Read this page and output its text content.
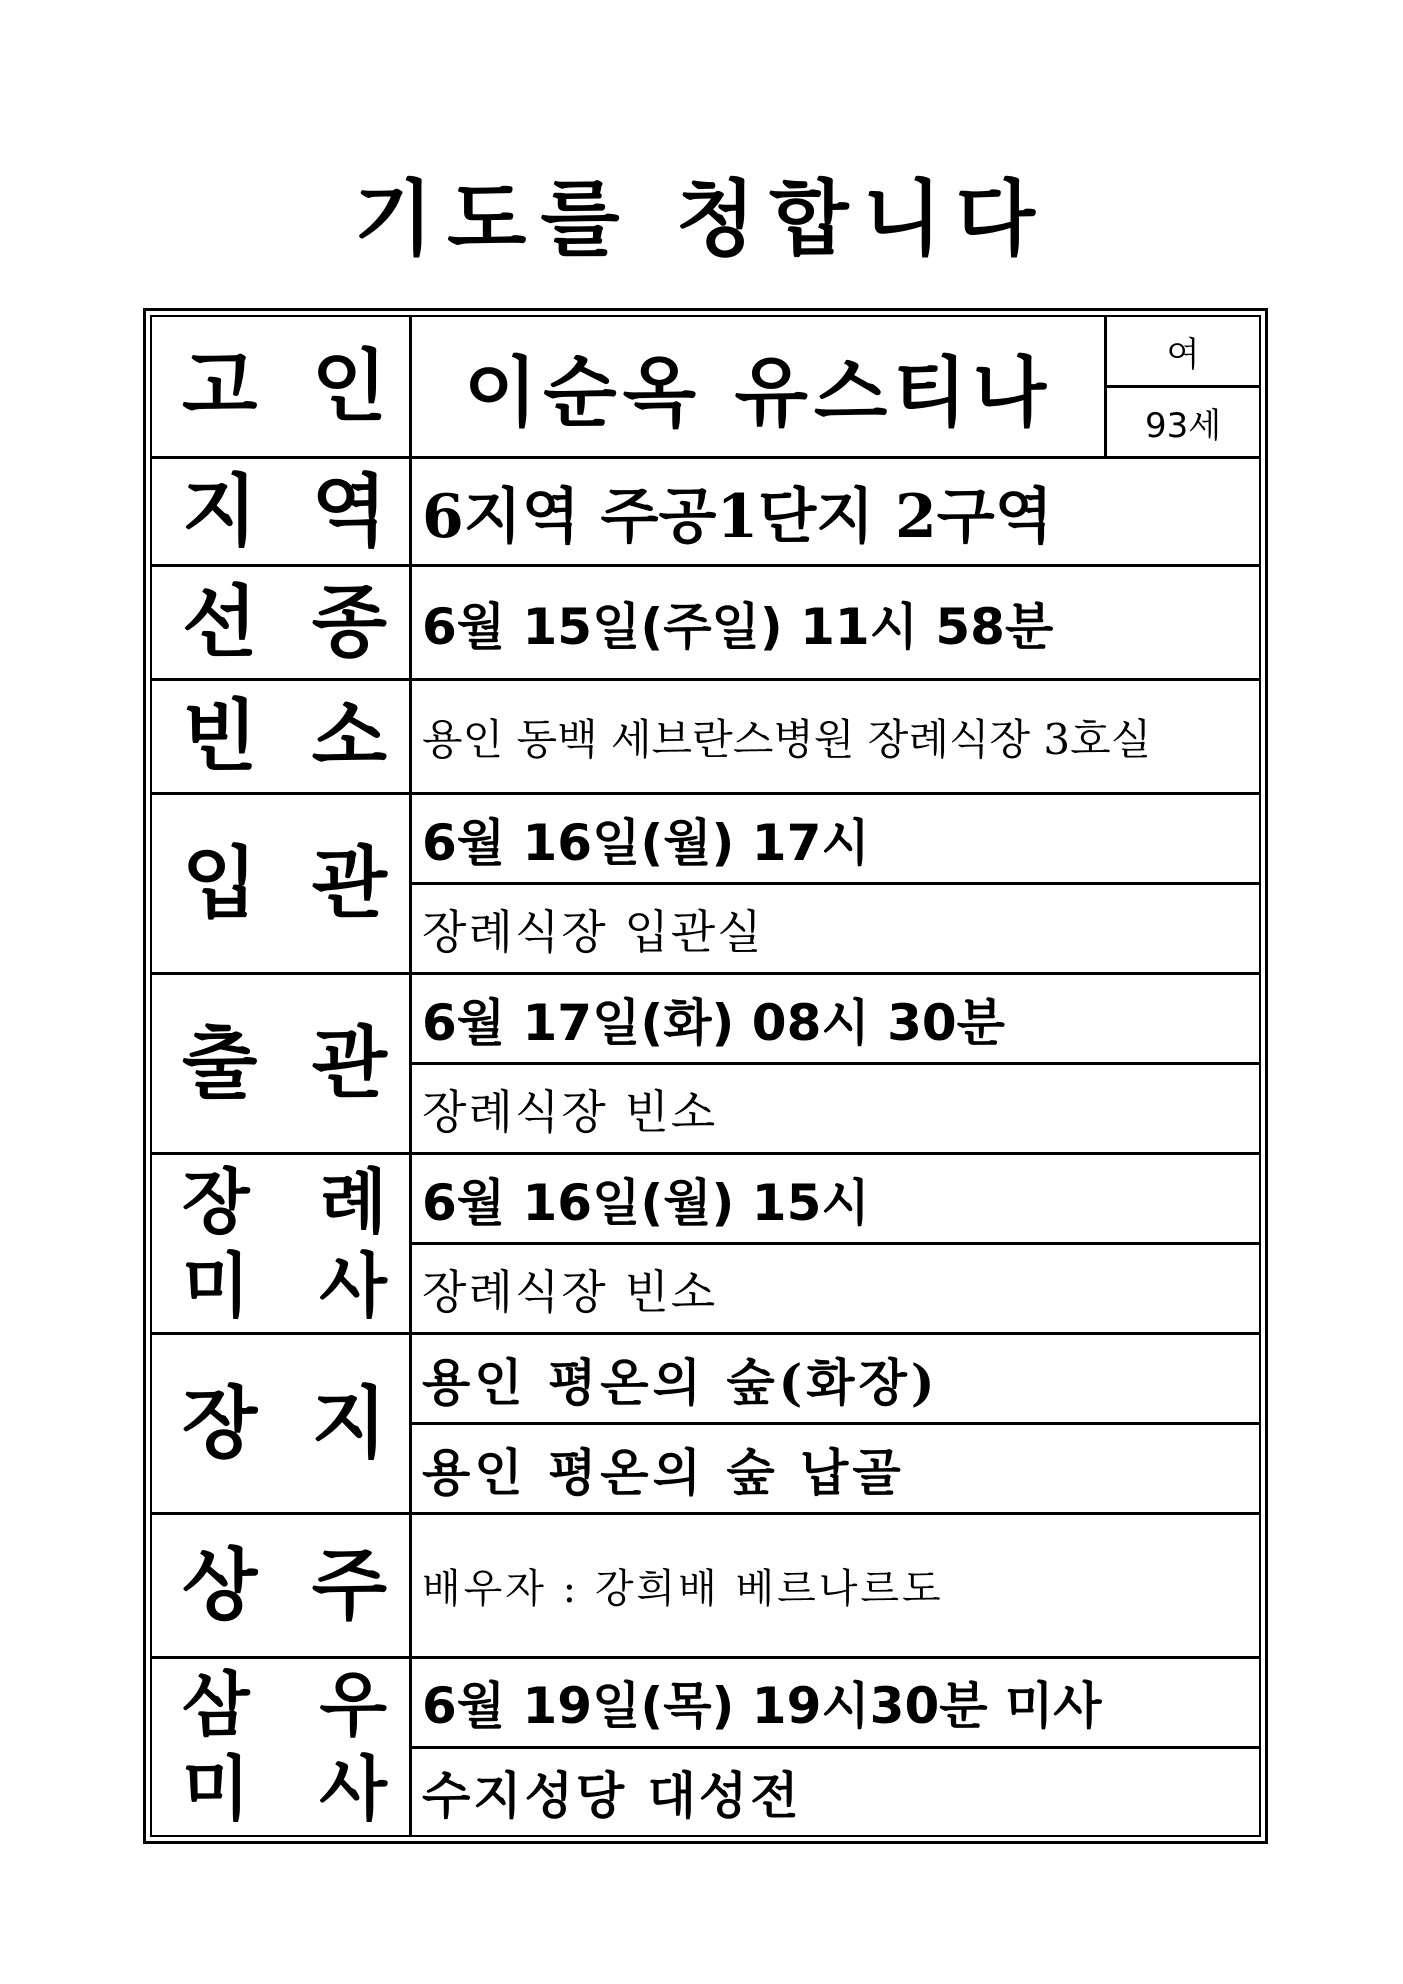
기도를 청합니다
고 인	이순옥 유스티나	여
93세
지 역 6지역 주공1단지 2구역
선 종 6월 15일(주일) 11시 58분
빈 소 용인 동백 세브란스병원 장례식장 3호실
입 관 6월 16일(월) 17시
장례식장 입관실
출 관 6월 17일(화) 08시 30분
장례식장 빈소
장 례
미 사
6월 16일(월) 15시
장례식장 빈소
장 지 용인 평온의 숲(화장)
용인 평온의 숲 납골
상 주 배우자 : 강희배 베르나르도
삼 우
미 사
6월 19일(목) 19시30분 미사
수지성당 대성전
